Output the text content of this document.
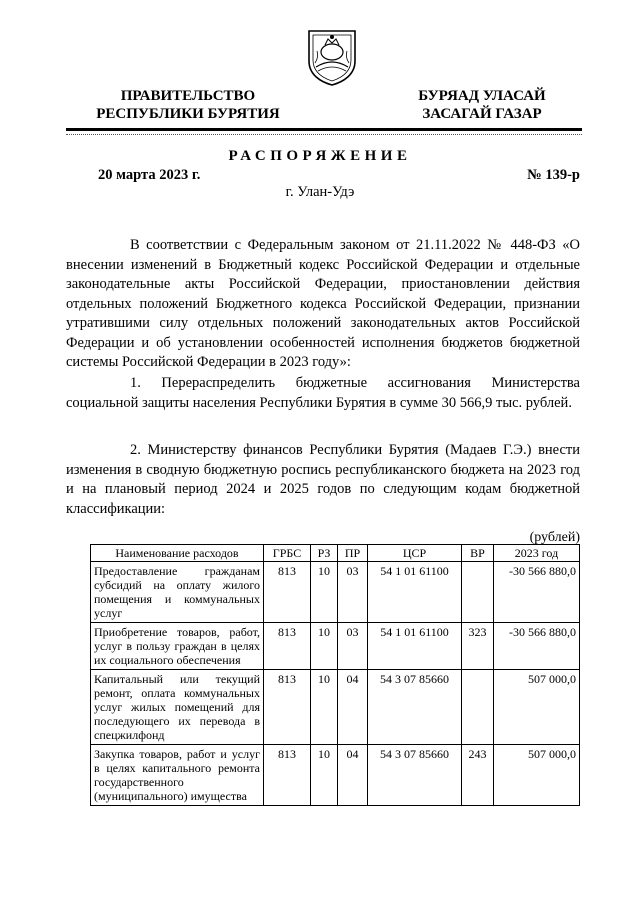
ПРАВИТЕЛЬСТВО
РЕСПУБЛИКИ БУРЯТИЯ
БУРЯАД УЛАСАЙ
ЗАСАГАЙ ГАЗАР
РАСПОРЯЖЕНИЕ
20 марта 2023 г.	№ 139-р
г. Улан-Удэ

В соответствии с Федеральным законом от 21.11.2022 № 448-ФЗ «О внесении изменений в Бюджетный кодекс Российской Федерации и отдельные законодательные акты Российской Федерации, приостановлении действия отдельных положений Бюджетного кодекса Российской Федерации, признании утратившими силу отдельных положений законодательных актов Российской Федерации и об установлении особенностей исполнения бюджетов бюджетной системы Российской Федерации в 2023 году»:

1. Перераспределить бюджетные ассигнования Министерства социальной защиты населения Республики Бурятия в сумме 30 566,9 тыс. рублей.

2. Министерству финансов Республики Бурятия (Мадаев Г.Э.) внести изменения в сводную бюджетную роспись республиканского бюджета на 2023 год и на плановый период 2024 и 2025 годов по следующим кодам бюджетной классификации:

(рублей)
Наименование расходов	ГРБС	РЗ	ПР	ЦСР	ВР	2023 год
Предоставление гражданам субсидий на оплату жилого помещения и коммунальных услуг	813	10	03	54 1 01 61100		-30 566 880,0
Приобретение товаров, работ, услуг в пользу граждан в целях их социального обеспечения	813	10	03	54 1 01 61100	323	-30 566 880,0
Капитальный или текущий ремонт, оплата коммунальных услуг жилых помещений для последующего их перевода в спецжилфонд	813	10	04	54 3 07 85660		507 000,0
Закупка товаров, работ и услуг в целях капитального ремонта государственного (муниципального) имущества	813	10	04	54 3 07 85660	243	507 000,0
